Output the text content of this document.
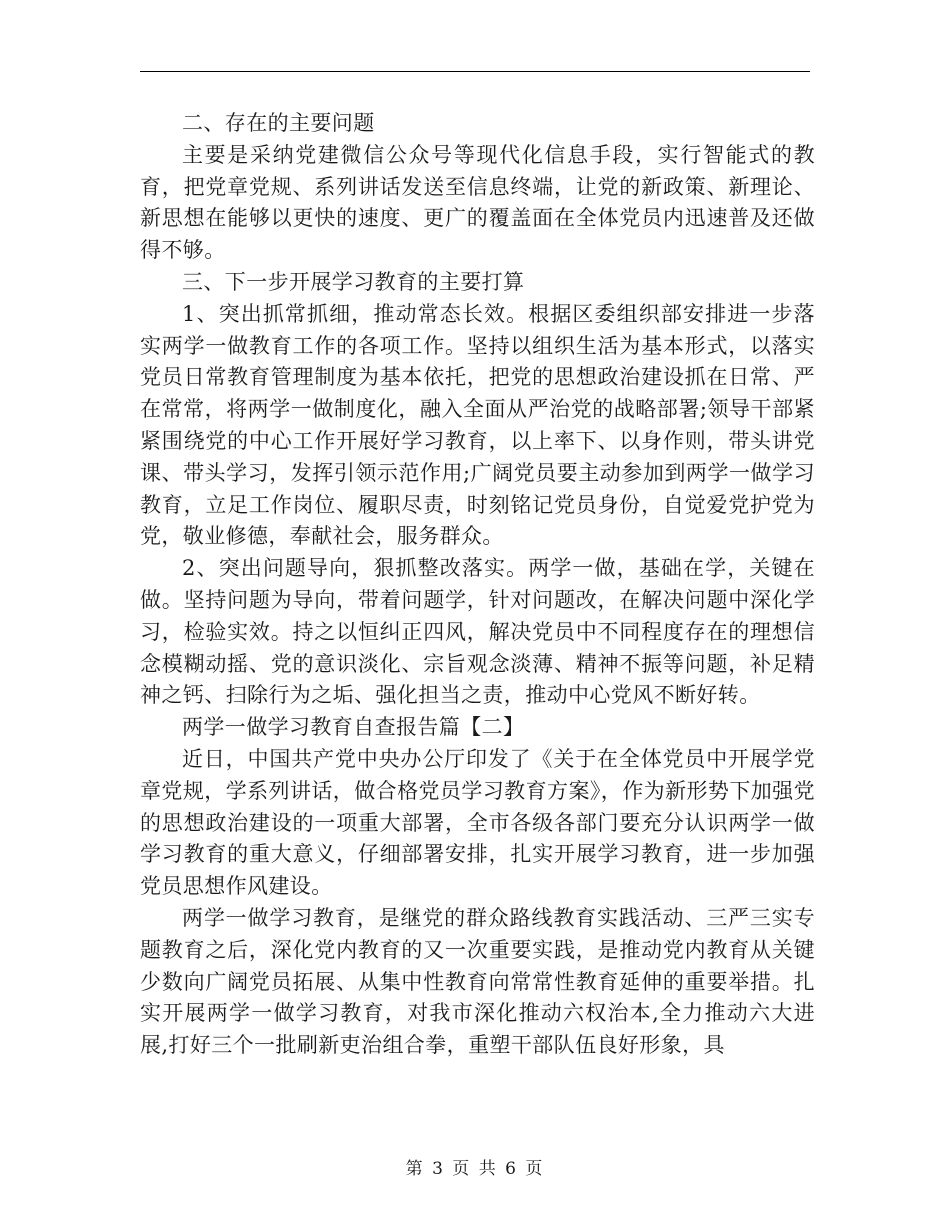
二、存在的主要问题

主要是采纳党建微信公众号等现代化信息手段，实行智能式的教育，把党章党规、系列讲话发送至信息终端，让党的新政策、新理论、新思想在能够以更快的速度、更广的覆盖面在全体党员内迅速普及还做得不够。

三、下一步开展学习教育的主要打算

1、突出抓常抓细，推动常态长效。根据区委组织部安排进一步落实两学一做教育工作的各项工作。坚持以组织生活为基本形式，以落实党员日常教育管理制度为基本依托，把党的思想政治建设抓在日常、严在常常，将两学一做制度化，融入全面从严治党的战略部署;领导干部紧紧围绕党的中心工作开展好学习教育，以上率下、以身作则，带头讲党课、带头学习，发挥引领示范作用;广阔党员要主动参加到两学一做学习教育，立足工作岗位、履职尽责，时刻铭记党员身份，自觉爱党护党为党，敬业修德，奉献社会，服务群众。

2、突出问题导向，狠抓整改落实。两学一做，基础在学，关键在做。坚持问题为导向，带着问题学，针对问题改，在解决问题中深化学习，检验实效。持之以恒纠正四风，解决党员中不同程度存在的理想信念模糊动摇、党的意识淡化、宗旨观念淡薄、精神不振等问题，补足精神之钙、扫除行为之垢、强化担当之责，推动中心党风不断好转。

两学一做学习教育自查报告篇【二】

近日，中国共产党中央办公厅印发了《关于在全体党员中开展学党章党规，学系列讲话，做合格党员学习教育方案》，作为新形势下加强党的思想政治建设的一项重大部署，全市各级各部门要充分认识两学一做学习教育的重大意义，仔细部署安排，扎实开展学习教育，进一步加强党员思想作风建设。

两学一做学习教育，是继党的群众路线教育实践活动、三严三实专题教育之后，深化党内教育的又一次重要实践，是推动党内教育从关键少数向广阔党员拓展、从集中性教育向常常性教育延伸的重要举措。扎实开展两学一做学习教育，对我市深化推动六权治本,全力推动六大进展,打好三个一批刷新吏治组合拳，重塑干部队伍良好形象，具

第 3 页 共 6 页
